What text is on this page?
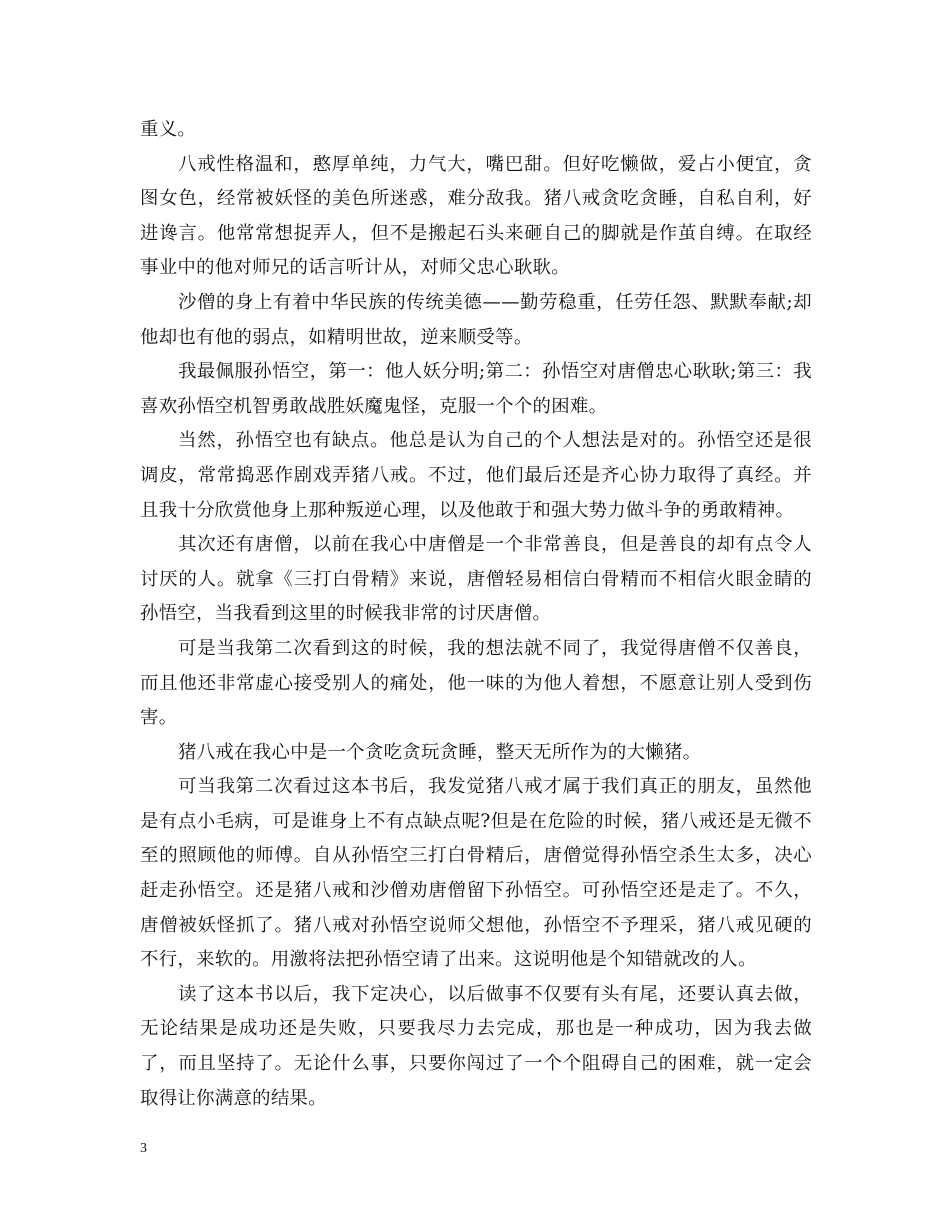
重义。

八戒性格温和，憨厚单纯，力气大，嘴巴甜。但好吃懒做，爱占小便宜，贪图女色，经常被妖怪的美色所迷惑，难分敌我。猪八戒贪吃贪睡，自私自利，好进谗言。他常常想捉弄人，但不是搬起石头来砸自己的脚就是作茧自缚。在取经事业中的他对师兄的话言听计从，对师父忠心耿耿。

沙僧的身上有着中华民族的传统美德——勤劳稳重，任劳任怨、默默奉献;却他却也有他的弱点，如精明世故，逆来顺受等。

我最佩服孙悟空，第一：他人妖分明;第二：孙悟空对唐僧忠心耿耿;第三：我喜欢孙悟空机智勇敢战胜妖魔鬼怪，克服一个个的困难。

当然，孙悟空也有缺点。他总是认为自己的个人想法是对的。孙悟空还是很调皮，常常捣恶作剧戏弄猪八戒。不过，他们最后还是齐心协力取得了真经。并且我十分欣赏他身上那种叛逆心理，以及他敢于和强大势力做斗争的勇敢精神。

其次还有唐僧，以前在我心中唐僧是一个非常善良，但是善良的却有点令人讨厌的人。就拿《三打白骨精》来说，唐僧轻易相信白骨精而不相信火眼金睛的孙悟空，当我看到这里的时候我非常的讨厌唐僧。

可是当我第二次看到这的时候，我的想法就不同了，我觉得唐僧不仅善良，而且他还非常虚心接受别人的痛处，他一味的为他人着想，不愿意让别人受到伤害。

猪八戒在我心中是一个贪吃贪玩贪睡，整天无所作为的大懒猪。

可当我第二次看过这本书后，我发觉猪八戒才属于我们真正的朋友，虽然他是有点小毛病，可是谁身上不有点缺点呢?但是在危险的时候，猪八戒还是无微不至的照顾他的师傅。自从孙悟空三打白骨精后，唐僧觉得孙悟空杀生太多，决心赶走孙悟空。还是猪八戒和沙僧劝唐僧留下孙悟空。可孙悟空还是走了。不久，唐僧被妖怪抓了。猪八戒对孙悟空说师父想他，孙悟空不予理采，猪八戒见硬的不行，来软的。用激将法把孙悟空请了出来。这说明他是个知错就改的人。

读了这本书以后，我下定决心，以后做事不仅要有头有尾，还要认真去做，无论结果是成功还是失败，只要我尽力去完成，那也是一种成功，因为我去做了，而且坚持了。无论什么事，只要你闯过了一个个阻碍自己的困难，就一定会取得让你满意的结果。

3
